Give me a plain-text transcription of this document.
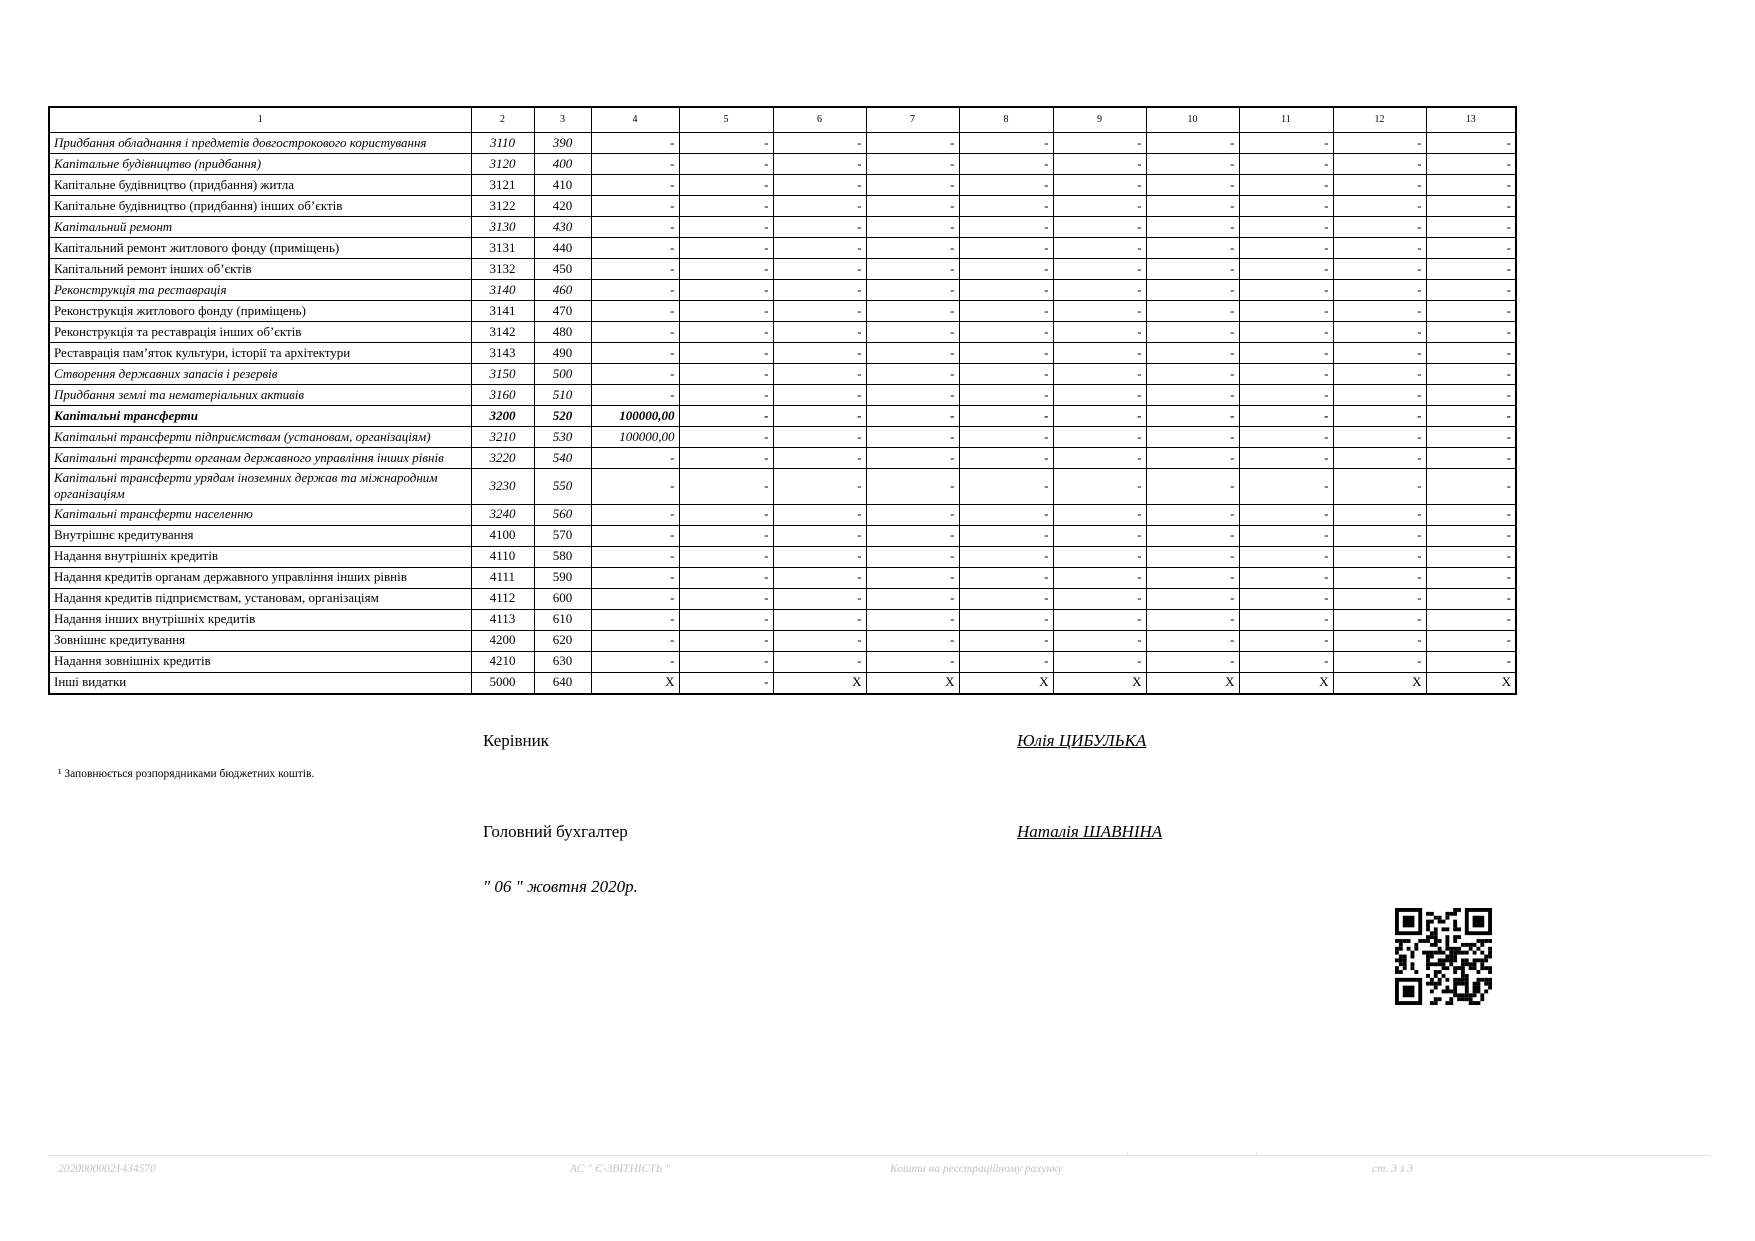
1	2	3	4	5	6	7	8	9	10	11	12	13
Придбання обладнання і предметів довгострокового користування	3110	390	-	-	-	-	-	-	-	-	-	-
Капітальне будівництво (придбання)	3120	400	-	-	-	-	-	-	-	-	-	-
Капітальне будівництво (придбання) житла	3121	410	-	-	-	-	-	-	-	-	-	-
Капітальне будівництво (придбання) інших об’єктів	3122	420	-	-	-	-	-	-	-	-	-	-
Капітальний ремонт	3130	430	-	-	-	-	-	-	-	-	-	-
Капітальний ремонт житлового фонду (приміщень)	3131	440	-	-	-	-	-	-	-	-	-	-
Капітальний ремонт інших об’єктів	3132	450	-	-	-	-	-	-	-	-	-	-
Реконструкція та реставрація	3140	460	-	-	-	-	-	-	-	-	-	-
Реконструкція житлового фонду (приміщень)	3141	470	-	-	-	-	-	-	-	-	-	-
Реконструкція та реставрація інших об’єктів	3142	480	-	-	-	-	-	-	-	-	-	-
Реставрація пам’яток культури, історії та архітектури	3143	490	-	-	-	-	-	-	-	-	-	-
Створення державних запасів і резервів	3150	500	-	-	-	-	-	-	-	-	-	-
Придбання землі та нематеріальних активів	3160	510	-	-	-	-	-	-	-	-	-	-
Капітальні трансферти	3200	520	100000,00	-	-	-	-	-	-	-	-	-
Капітальні трансферти підприємствам (установам, організаціям)	3210	530	100000,00	-	-	-	-	-	-	-	-	-
Капітальні трансферти органам державного управління інших рівнів	3220	540	-	-	-	-	-	-	-	-	-	-
Капітальні трансферти урядам іноземних держав та міжнародним організаціям	3230	550	-	-	-	-	-	-	-	-	-	-
Капітальні трансферти населенню	3240	560	-	-	-	-	-	-	-	-	-	-
Внутрішнє кредитування	4100	570	-	-	-	-	-	-	-	-	-	-
Надання внутрішніх кредитів	4110	580	-	-	-	-	-	-	-	-	-	-
Надання кредитів органам державного управління інших рівнів	4111	590	-	-	-	-	-	-	-	-	-	-
Надання кредитів підприємствам, установам, організаціям	4112	600	-	-	-	-	-	-	-	-	-	-
Надання інших внутрішніх кредитів	4113	610	-	-	-	-	-	-	-	-	-	-
Зовнішнє кредитування	4200	620	-	-	-	-	-	-	-	-	-	-
Надання зовнішніх кредитів	4210	630	-	-	-	-	-	-	-	-	-	-
Інші видатки	5000	640	X	-	X	X	X	X	X	X	X	X
¹ Заповнюється розпорядниками бюджетних коштів.
Керівник	Юлія ЦИБУЛЬКА
Головний бухгалтер	Наталія ШАВНІНА
" 06 " жовтня 2020р.
20200000021434570	АС " Є-ЗВІТНІСТЬ "	Кошти на реєстраційному рахунку	ст. 3 з 3
